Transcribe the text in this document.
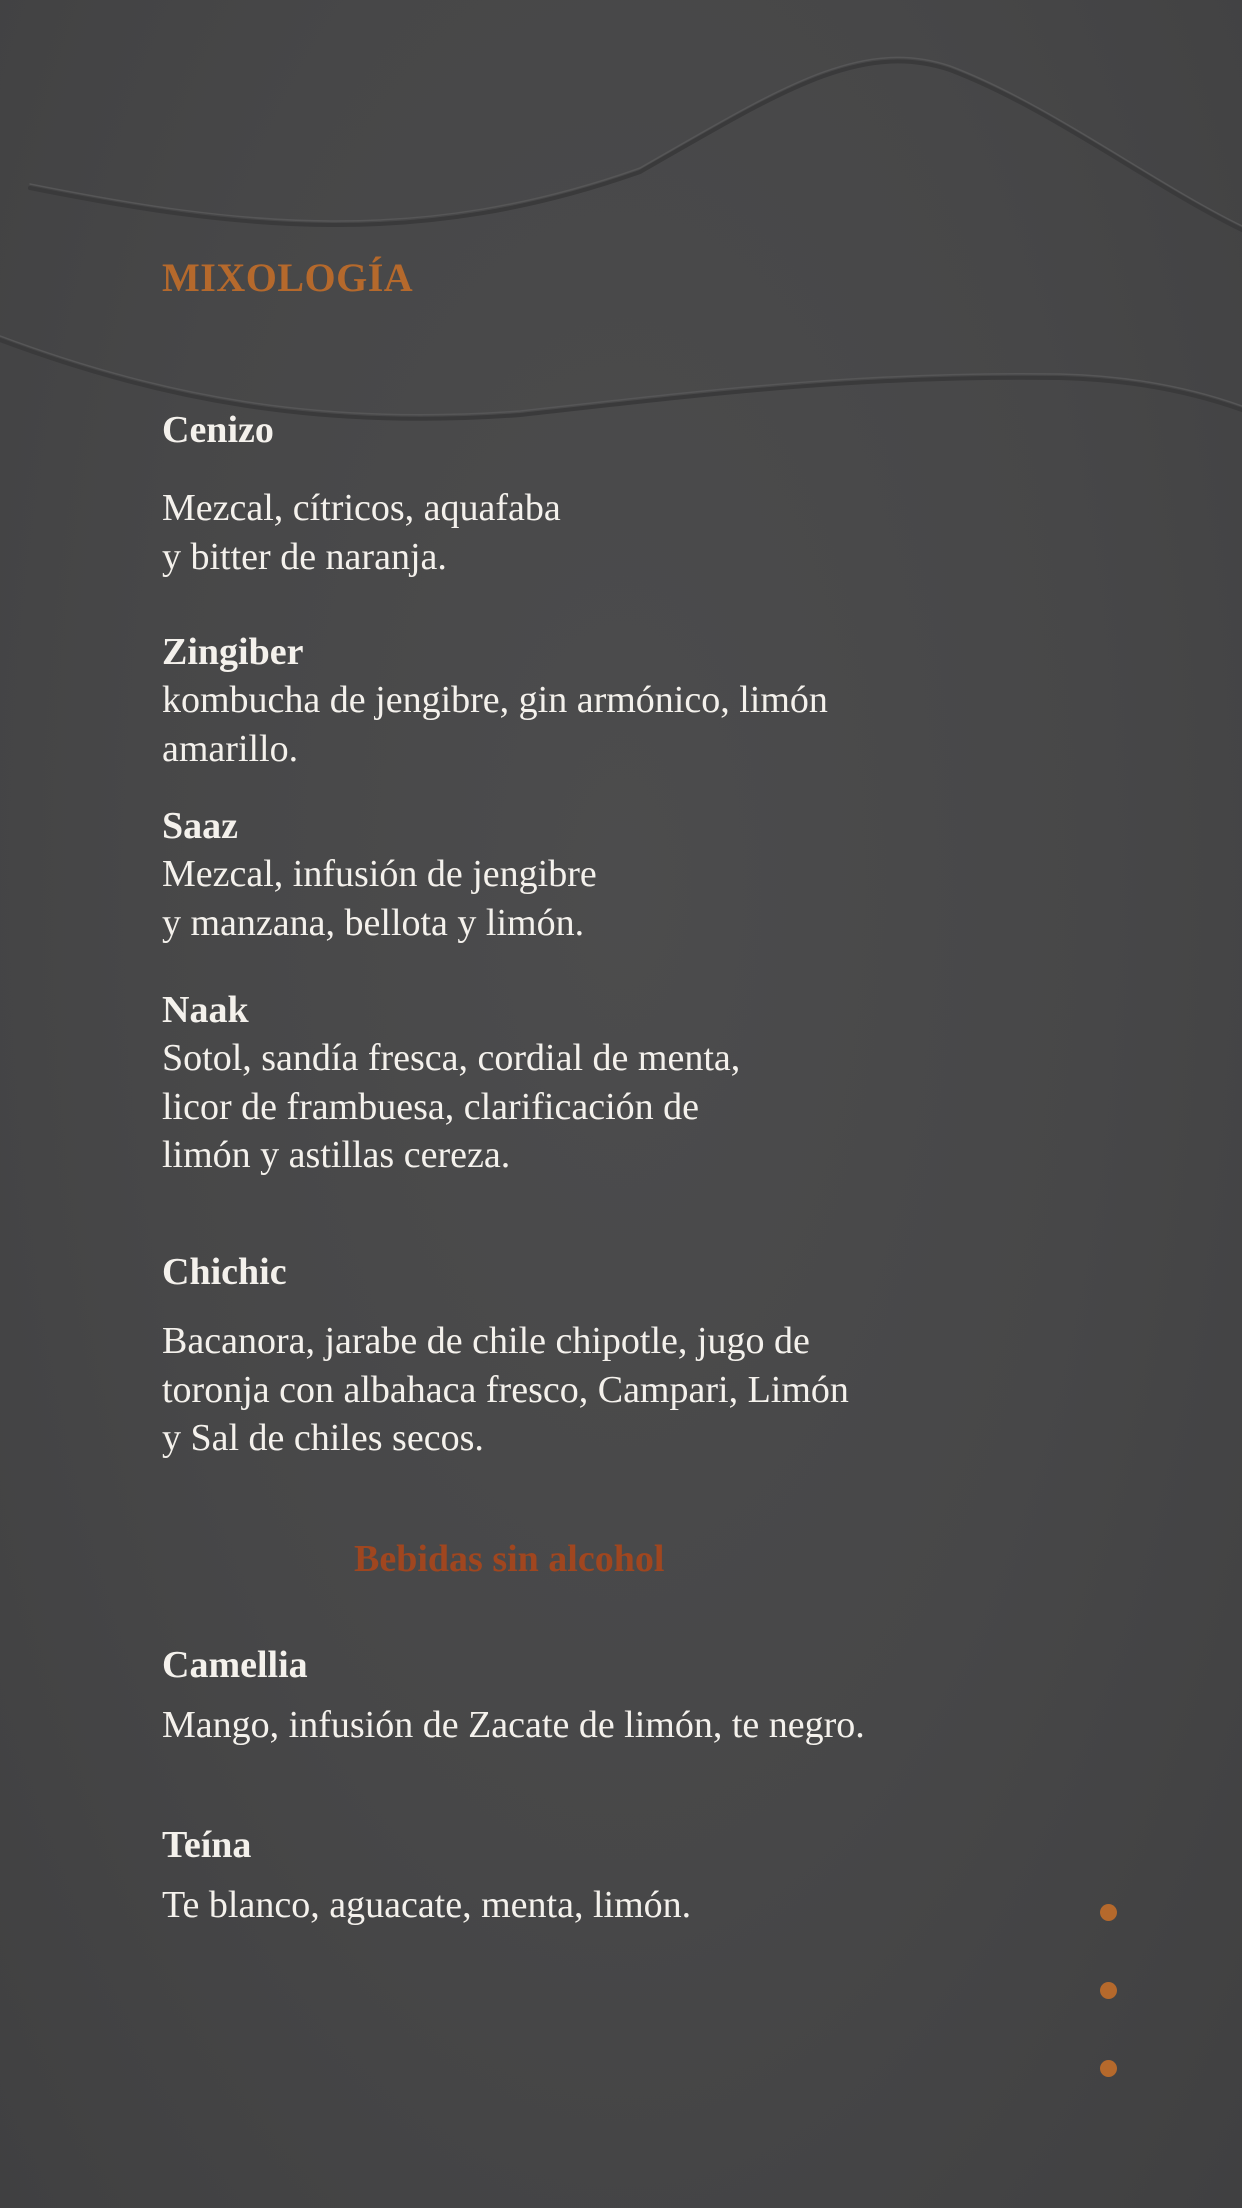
MIXOLOGÍA
Cenizo

Mezcal, cítricos, aquafaba
y bitter de naranja.

Zingiber

kombucha de jengibre, gin armónico, limón
amarillo.

Saaz

Mezcal, infusión de jengibre
y manzana, bellota y limón.

Naak

Sotol, sandía fresca, cordial de menta,
licor de frambuesa, clarificación de
limón y astillas cereza.

Chichic

Bacanora, jarabe de chile chipotle, jugo de
toronja con albahaca fresco, Campari, Limón
y Sal de chiles secos.

Bebidas sin alcohol
Camellia

Mango, infusión de Zacate de limón, te negro.

Teína

Te blanco, aguacate, menta, limón.
